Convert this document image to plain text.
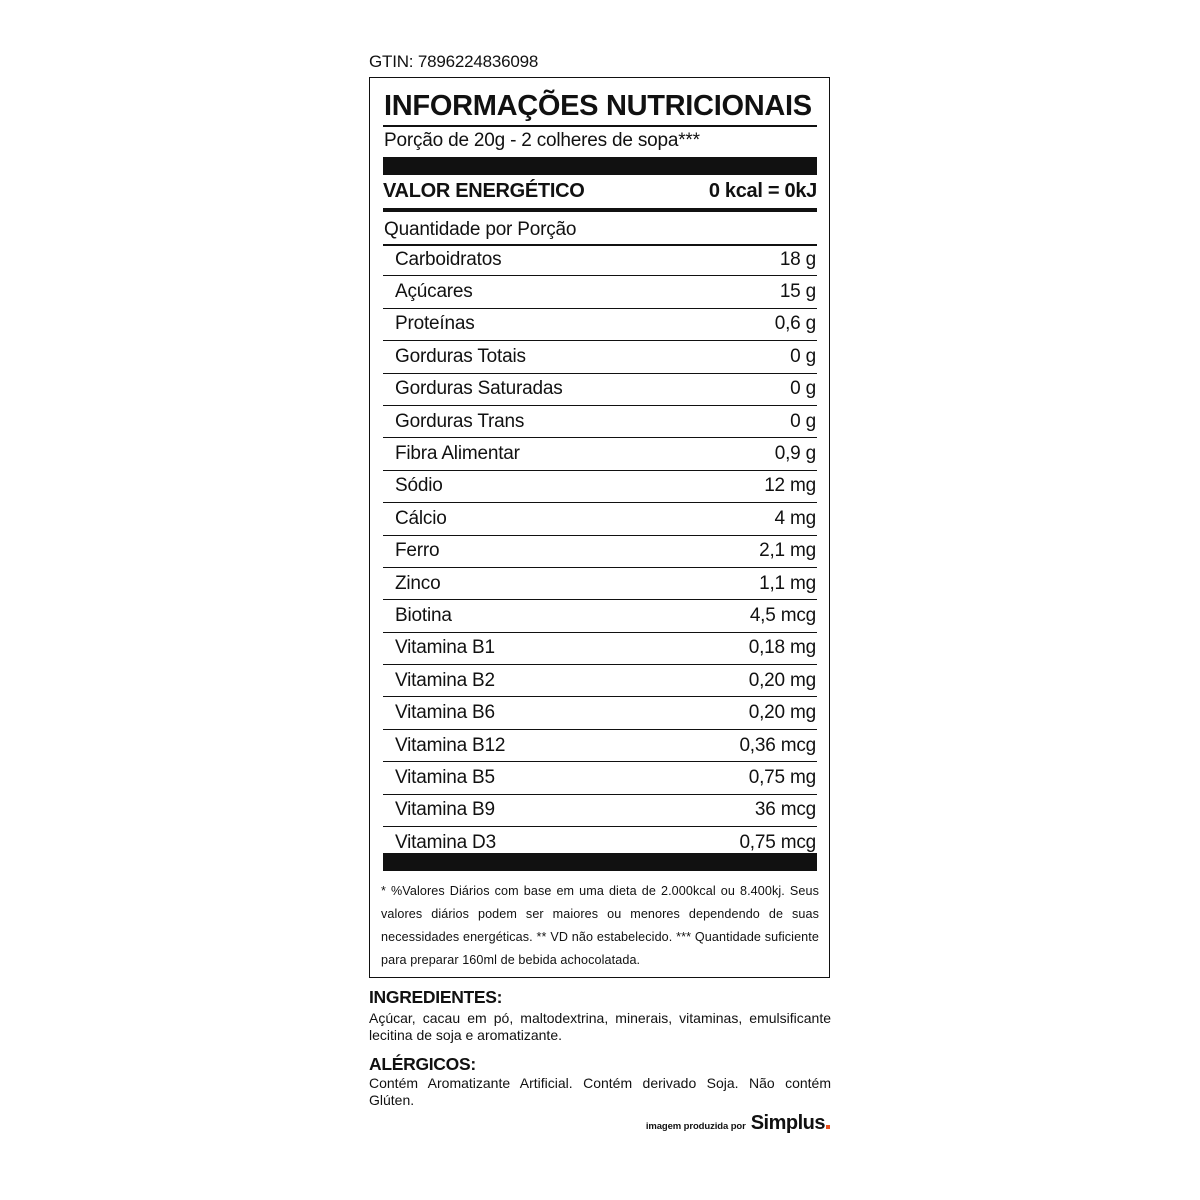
GTIN: 7896224836098
INFORMAÇÕES NUTRICIONAIS
Porção de 20g - 2 colheres de sopa***
VALOR ENERGÉTICO	0 kcal = 0kJ
Quantidade por Porção
Carboidratos	18 g
Açúcares	15 g
Proteínas	0,6 g
Gorduras Totais	0 g
Gorduras Saturadas	0 g
Gorduras Trans	0 g
Fibra Alimentar	0,9 g
Sódio	12 mg
Cálcio	4 mg
Ferro	2,1 mg
Zinco	1,1 mg
Biotina	4,5 mcg
Vitamina B1	0,18 mg
Vitamina B2	0,20 mg
Vitamina B6	0,20 mg
Vitamina B12	0,36 mcg
Vitamina B5	0,75 mg
Vitamina B9	36 mcg
Vitamina D3	0,75 mcg
* %Valores Diários com base em uma dieta de 2.000kcal ou 8.400kj. Seus valores diários podem ser maiores ou menores dependendo de suas necessidades energéticas. ** VD não estabelecido. *** Quantidade suficiente para preparar 160ml de bebida achocolatada.
INGREDIENTES:
Açúcar, cacau em pó, maltodextrina, minerais, vitaminas, emulsificante lecitina de soja e aromatizante.
ALÉRGICOS:
Contém Aromatizante Artificial. Contém derivado Soja. Não contém Glúten.
imagem produzida por Simplus
